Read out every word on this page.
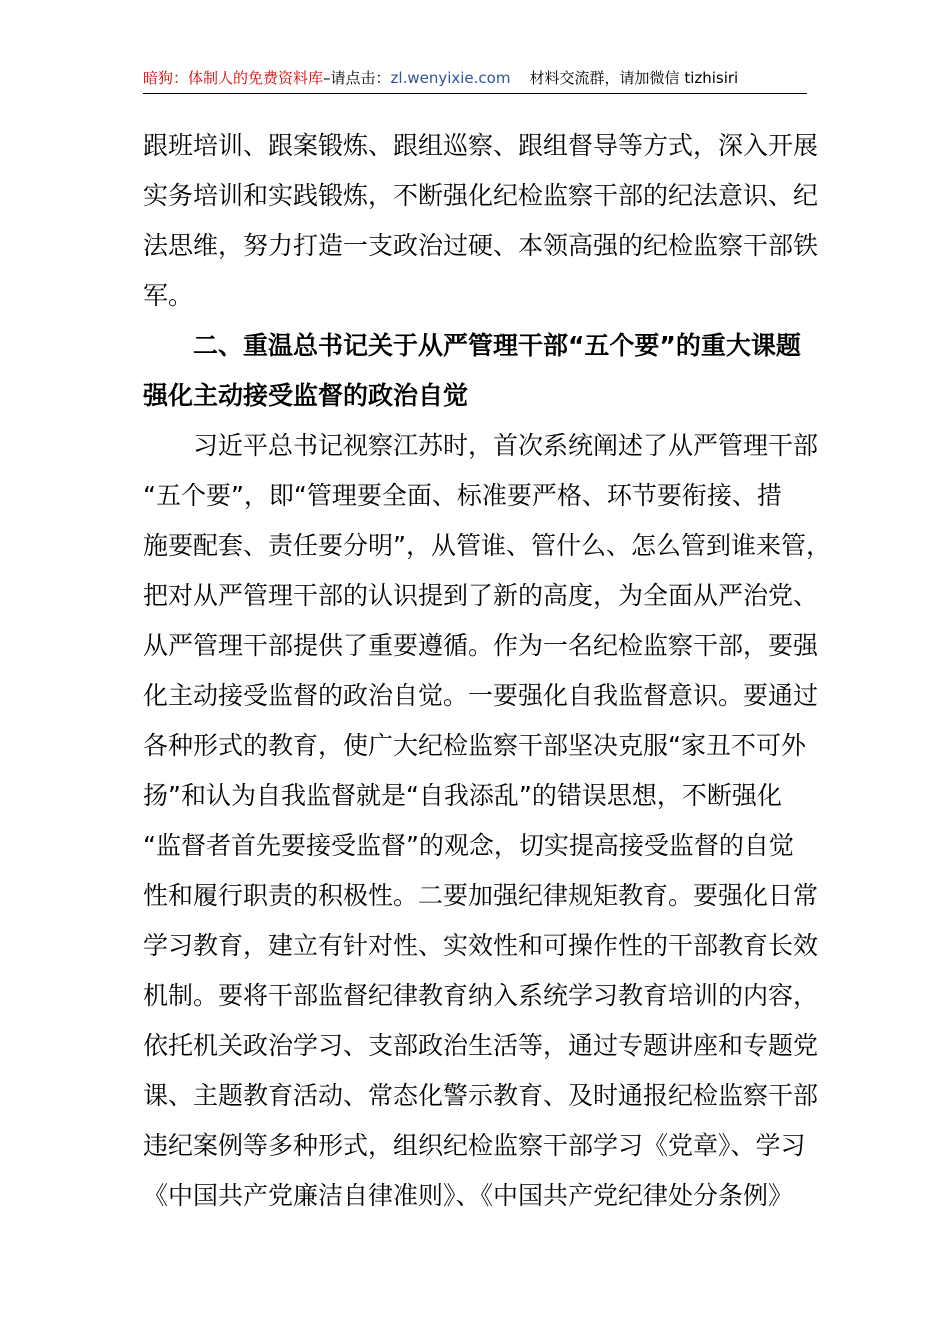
暗狗：体制人的免费资料库–请点击：zl.wenyixie.com 材料交流群，请加微信 tizhisiri
跟班培训、跟案锻炼、跟组巡察、跟组督导等方式，深入开展
实务培训和实践锻炼，不断强化纪检监察干部的纪法意识、纪
法思维，努力打造一支政治过硬、本领高强的纪检监察干部铁
军。
二、重温总书记关于从严管理干部“五个要”的重大课题
强化主动接受监督的政治自觉
习近平总书记视察江苏时，首次系统阐述了从严管理干部
“五个要”，即“管理要全面、标准要严格、环节要衔接、措
施要配套、责任要分明”，从管谁、管什么、怎么管到谁来管，
把对从严管理干部的认识提到了新的高度，为全面从严治党、
从严管理干部提供了重要遵循。作为一名纪检监察干部，要强
化主动接受监督的政治自觉。一要强化自我监督意识。要通过
各种形式的教育，使广大纪检监察干部坚决克服“家丑不可外
扬”和认为自我监督就是“自我添乱”的错误思想，不断强化
“监督者首先要接受监督”的观念，切实提高接受监督的自觉
性和履行职责的积极性。二要加强纪律规矩教育。要强化日常
学习教育，建立有针对性、实效性和可操作性的干部教育长效
机制。要将干部监督纪律教育纳入系统学习教育培训的内容，
依托机关政治学习、支部政治生活等，通过专题讲座和专题党
课、主题教育活动、常态化警示教育、及时通报纪检监察干部
违纪案例等多种形式，组织纪检监察干部学习《党章》、学习
《中国共产党廉洁自律准则》、《中国共产党纪律处分条例》
